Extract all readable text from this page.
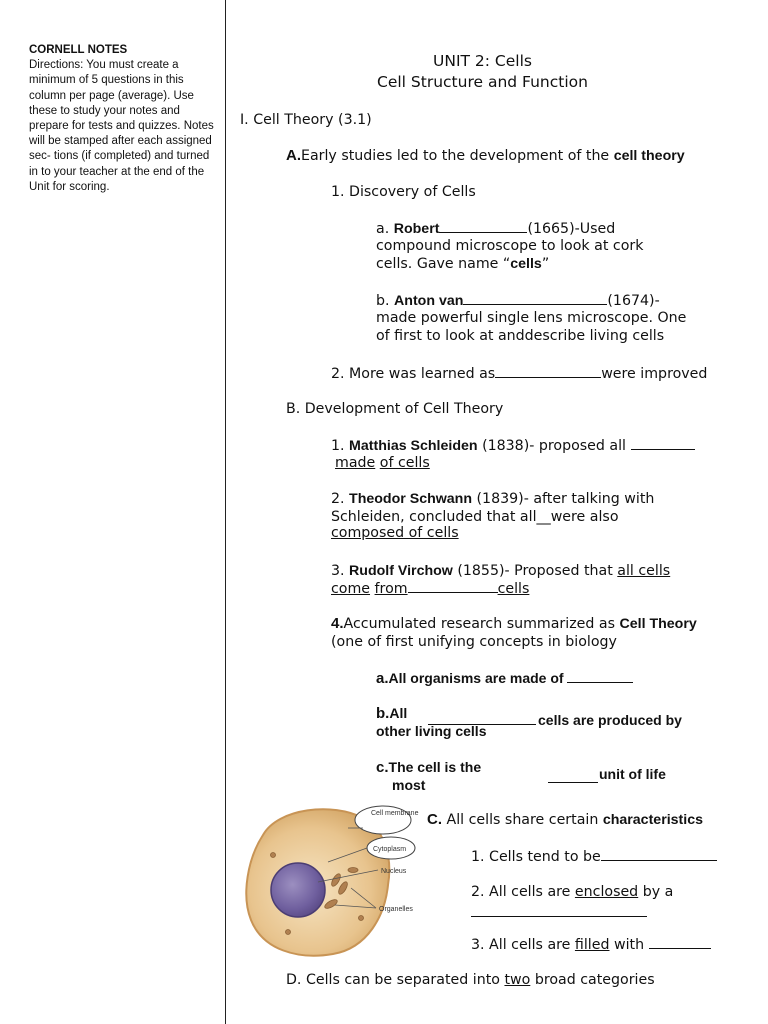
CORNELL NOTES
Directions: You must create a
minimum of 5 questions in this
column per page (average). Use
these to study your notes and
prepare for tests and quizzes. Notes
will be stamped after each assigned
sec- tions (if completed) and turned
in to your teacher at the end of the
Unit for scoring.
UNIT 2: Cells
Cell Structure and Function
I. Cell Theory (3.1)
A.Early studies led to the development of the cell theory
1. Discovery of Cells
a. Robert	(1665)-Used
compound microscope to look at cork
cells. Gave name “cells”
b. Anton van	(1674)-
made powerful single lens microscope. One
of first to look at anddescribe living cells
2. More was learned as	were improved
B. Development of Cell Theory
1. Matthias Schleiden (1838)- proposed all
made of cells
2. Theodor Schwann (1839)- after talking with
Schleiden, concluded that all__were also
composed of cells
3. Rudolf Virchow (1855)- Proposed that all cells
come from	cells
4.Accumulated research summarized as Cell Theory
(one of first unifying concepts in biology
a.All organisms are made of
b.All	cells are produced by
other living cells
c.The cell is the
most
unit of life
Cell membrane
Cytoplasm
Nucleus
Organelles
C. All cells share certain characteristics
1. Cells tend to be
2. All cells are enclosed by a
3. All cells are filled with
D. Cells can be separated into two broad categories
